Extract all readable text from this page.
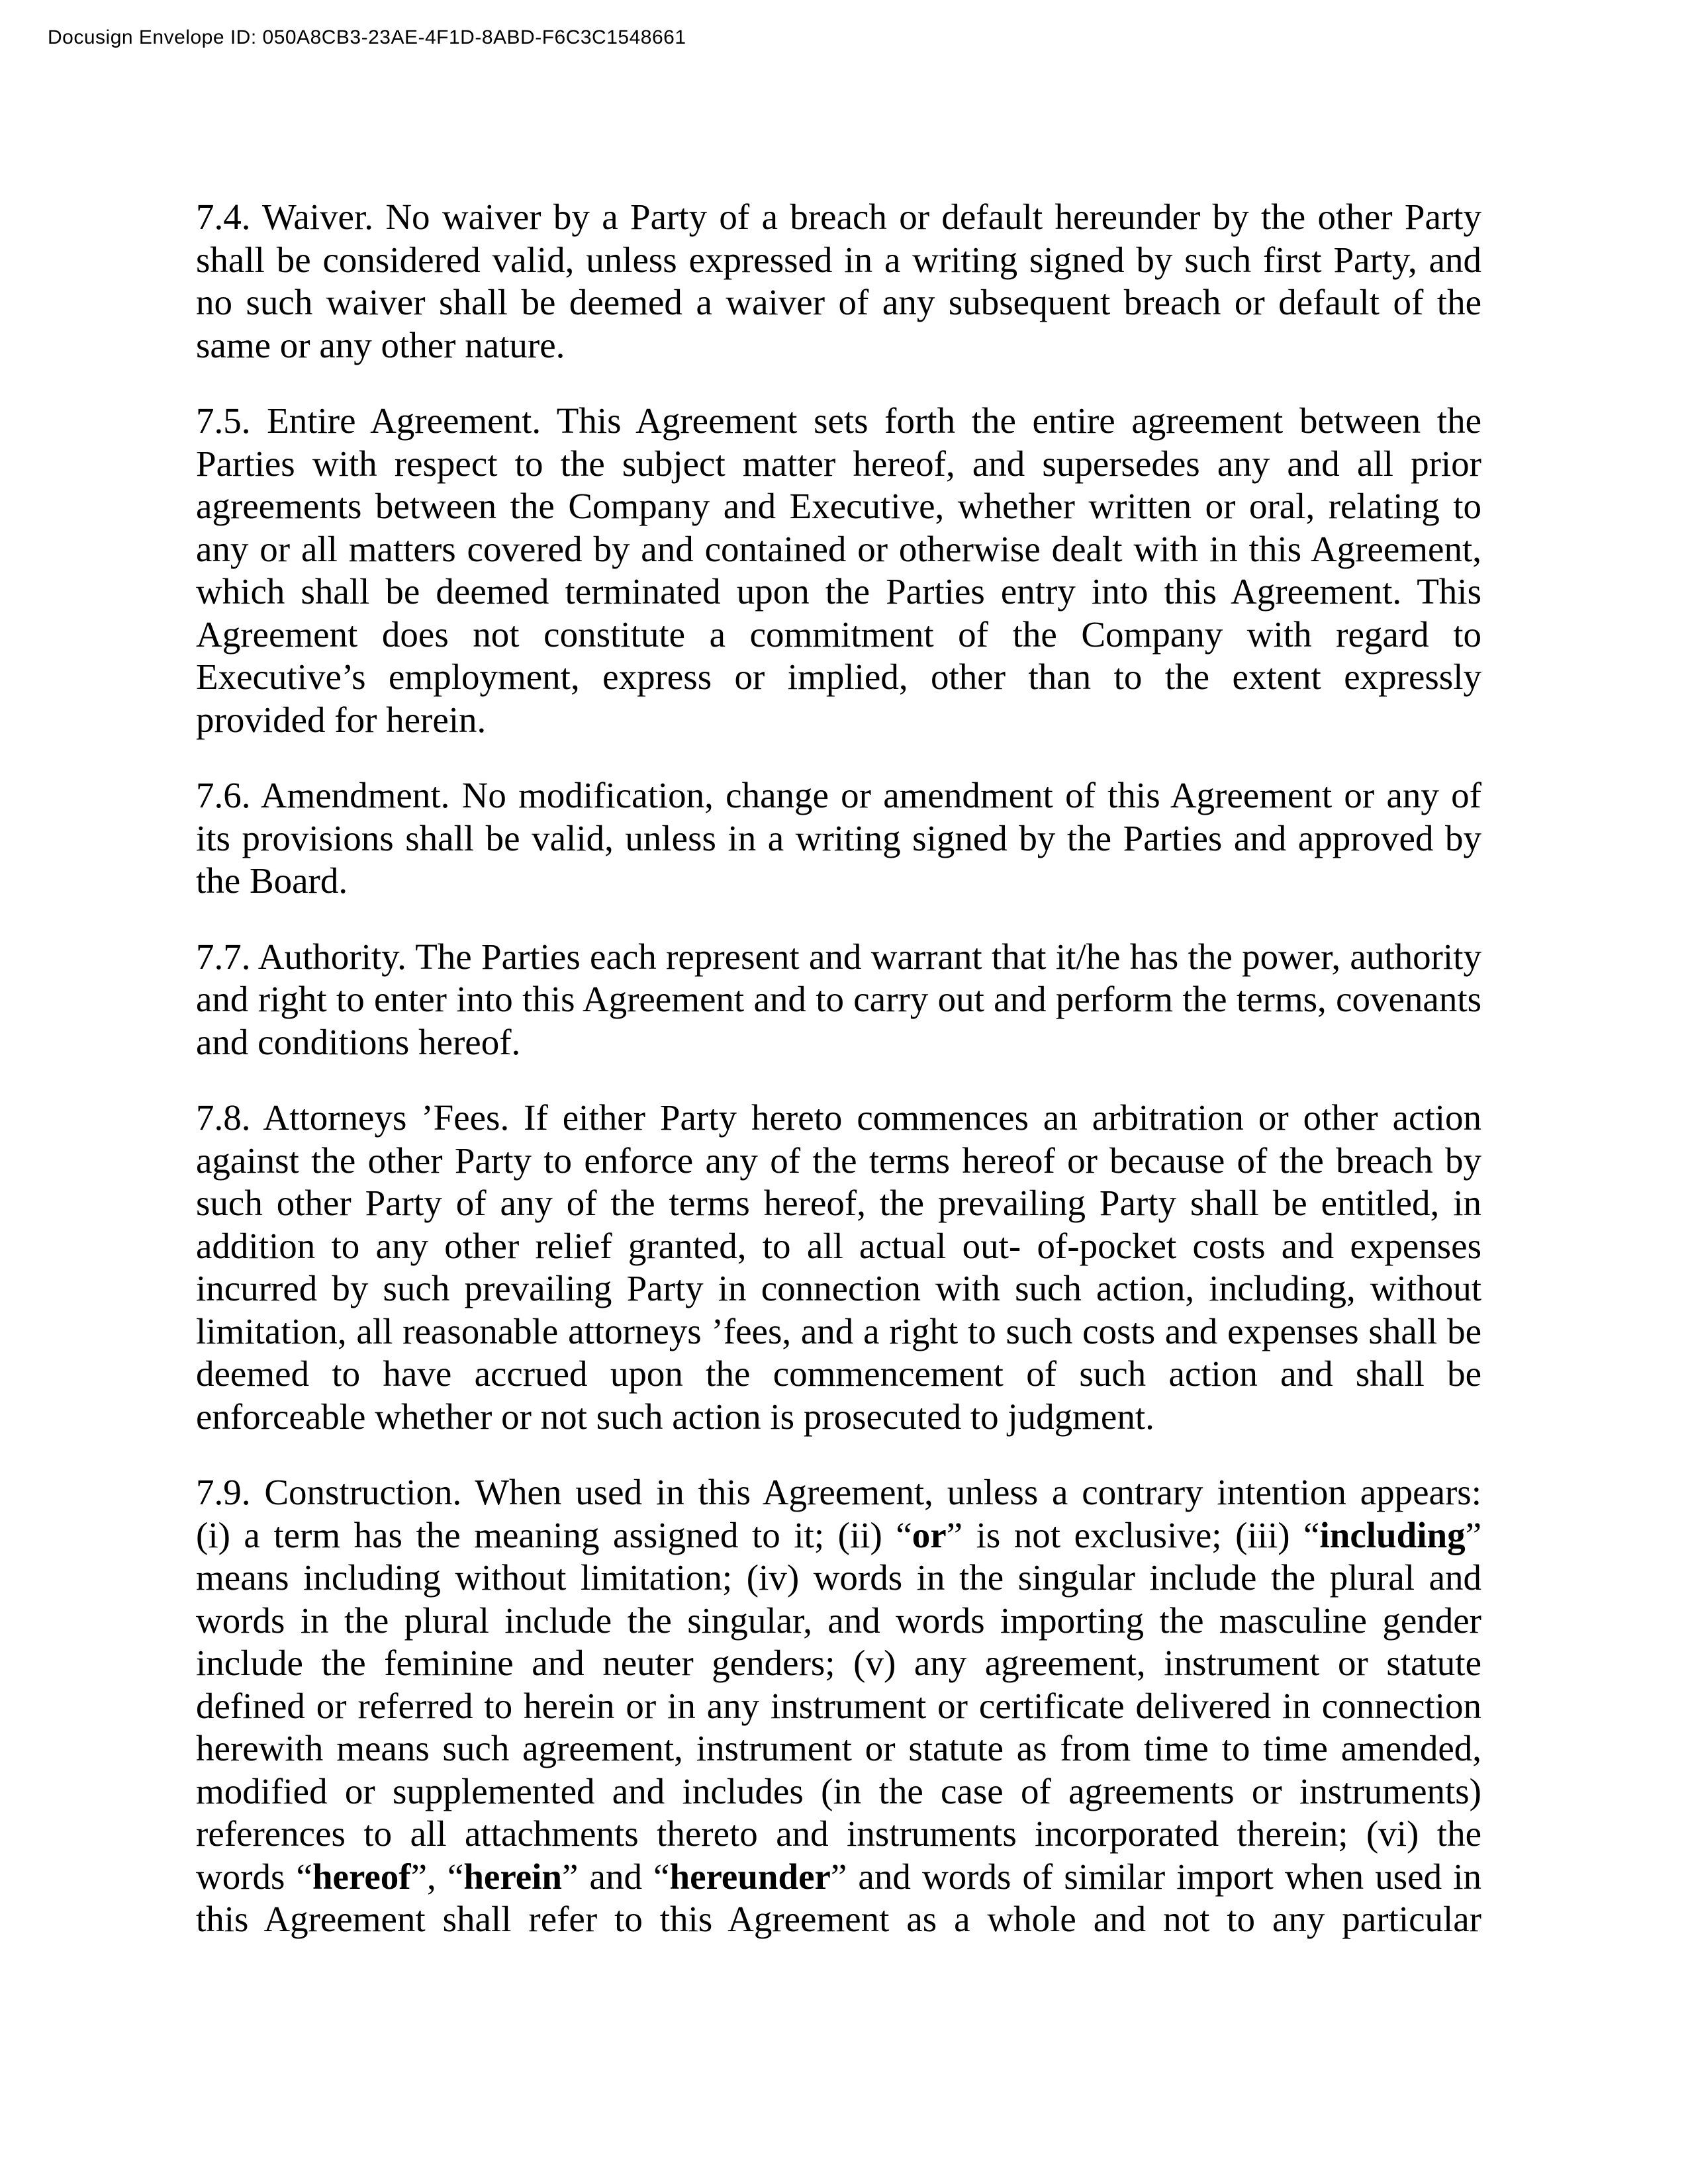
Docusign Envelope ID: 050A8CB3-23AE-4F1D-8ABD-F6C3C1548661
7.4. Waiver. No waiver by a Party of a breach or default hereunder by the other Party
shall be considered valid, unless expressed in a writing signed by such first Party, and
no such waiver shall be deemed a waiver of any subsequent breach or default of the
same or any other nature.
7.5. Entire Agreement. This Agreement sets forth the entire agreement between the
Parties with respect to the subject matter hereof, and supersedes any and all prior
agreements between the Company and Executive, whether written or oral, relating to
any or all matters covered by and contained or otherwise dealt with in this Agreement,
which shall be deemed terminated upon the Parties entry into this Agreement. This
Agreement does not constitute a commitment of the Company with regard to
Executive’s employment, express or implied, other than to the extent expressly
provided for herein.
7.6. Amendment. No modification, change or amendment of this Agreement or any of
its provisions shall be valid, unless in a writing signed by the Parties and approved by
the Board.
7.7. Authority. The Parties each represent and warrant that it/he has the power, authority
and right to enter into this Agreement and to carry out and perform the terms, covenants
and conditions hereof.
7.8. Attorneys ’Fees. If either Party hereto commences an arbitration or other action
against the other Party to enforce any of the terms hereof or because of the breach by
such other Party of any of the terms hereof, the prevailing Party shall be entitled, in
addition to any other relief granted, to all actual out- of-pocket costs and expenses
incurred by such prevailing Party in connection with such action, including, without
limitation, all reasonable attorneys ’fees, and a right to such costs and expenses shall be
deemed to have accrued upon the commencement of such action and shall be
enforceable whether or not such action is prosecuted to judgment.
7.9. Construction. When used in this Agreement, unless a contrary intention appears:
(i) a term has the meaning assigned to it; (ii) “or” is not exclusive; (iii) “including”
means including without limitation; (iv) words in the singular include the plural and
words in the plural include the singular, and words importing the masculine gender
include the feminine and neuter genders; (v) any agreement, instrument or statute
defined or referred to herein or in any instrument or certificate delivered in connection
herewith means such agreement, instrument or statute as from time to time amended,
modified or supplemented and includes (in the case of agreements or instruments)
references to all attachments thereto and instruments incorporated therein; (vi) the
words “hereof”, “herein” and “hereunder” and words of similar import when used in
this Agreement shall refer to this Agreement as a whole and not to any particular
